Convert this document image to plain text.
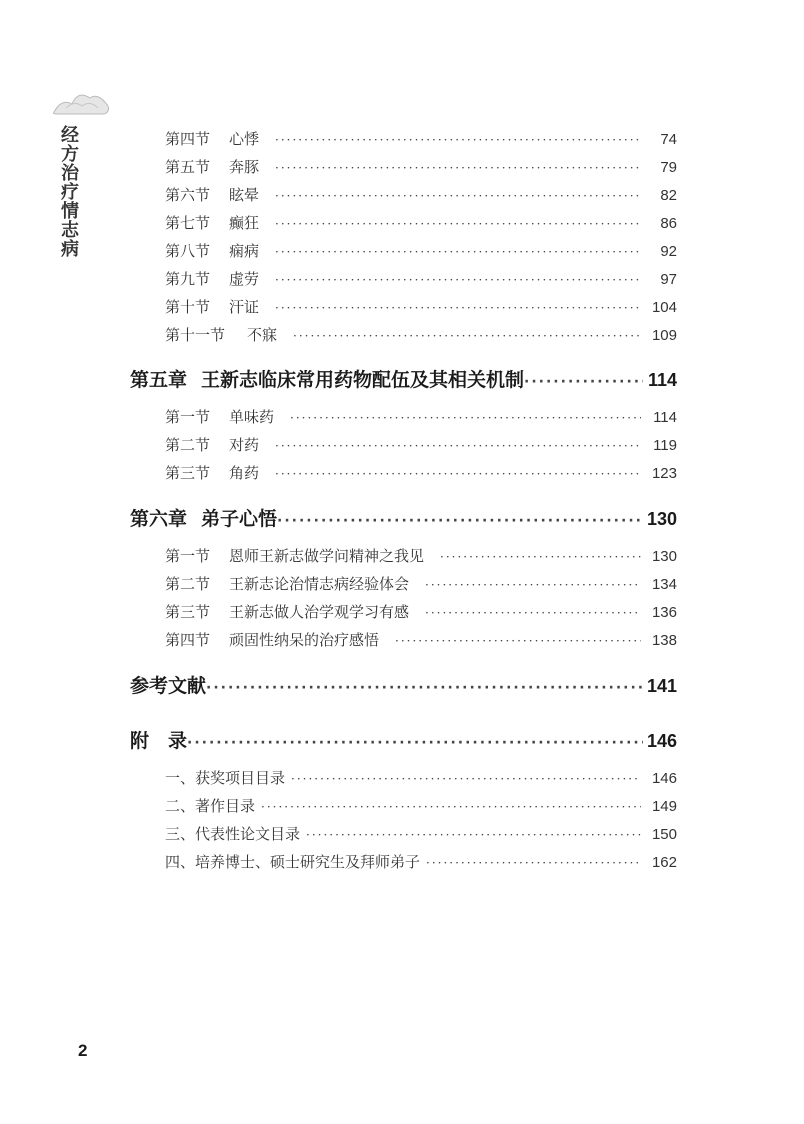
经
方
治
疗
情
志
病
第四节	心悸 ·····	74
第五节	奔豚 ·····	79
第六节	眩晕 ·····	82
第七节	癫狂 ·····	86
第八节	痫病 ·····	92
第九节	虚劳 ·····	97
第十节	汗证 ·····	104
第十一节	不寐 ·····	109
第五章 王新志临床常用药物配伍及其相关机制 ·····	114
第一节	单味药 ·····	114
第二节	对药 ·····	119
第三节	角药 ·····	123
第六章 弟子心悟 ·····	130
第一节	恩师王新志做学问精神之我见 ·····	130
第二节	王新志论治情志病经验体会 ·····	134
第三节	王新志做人治学观学习有感 ·····	136
第四节	顽固性纳呆的治疗感悟 ·····	138
参考文献 ·····	141
附　录 ·····	146
一、获奖项目目录 ·····	146
二、著作目录 ·····	149
三、代表性论文目录 ·····	150
四、培养博士、硕士研究生及拜师弟子 ·····	162
2
